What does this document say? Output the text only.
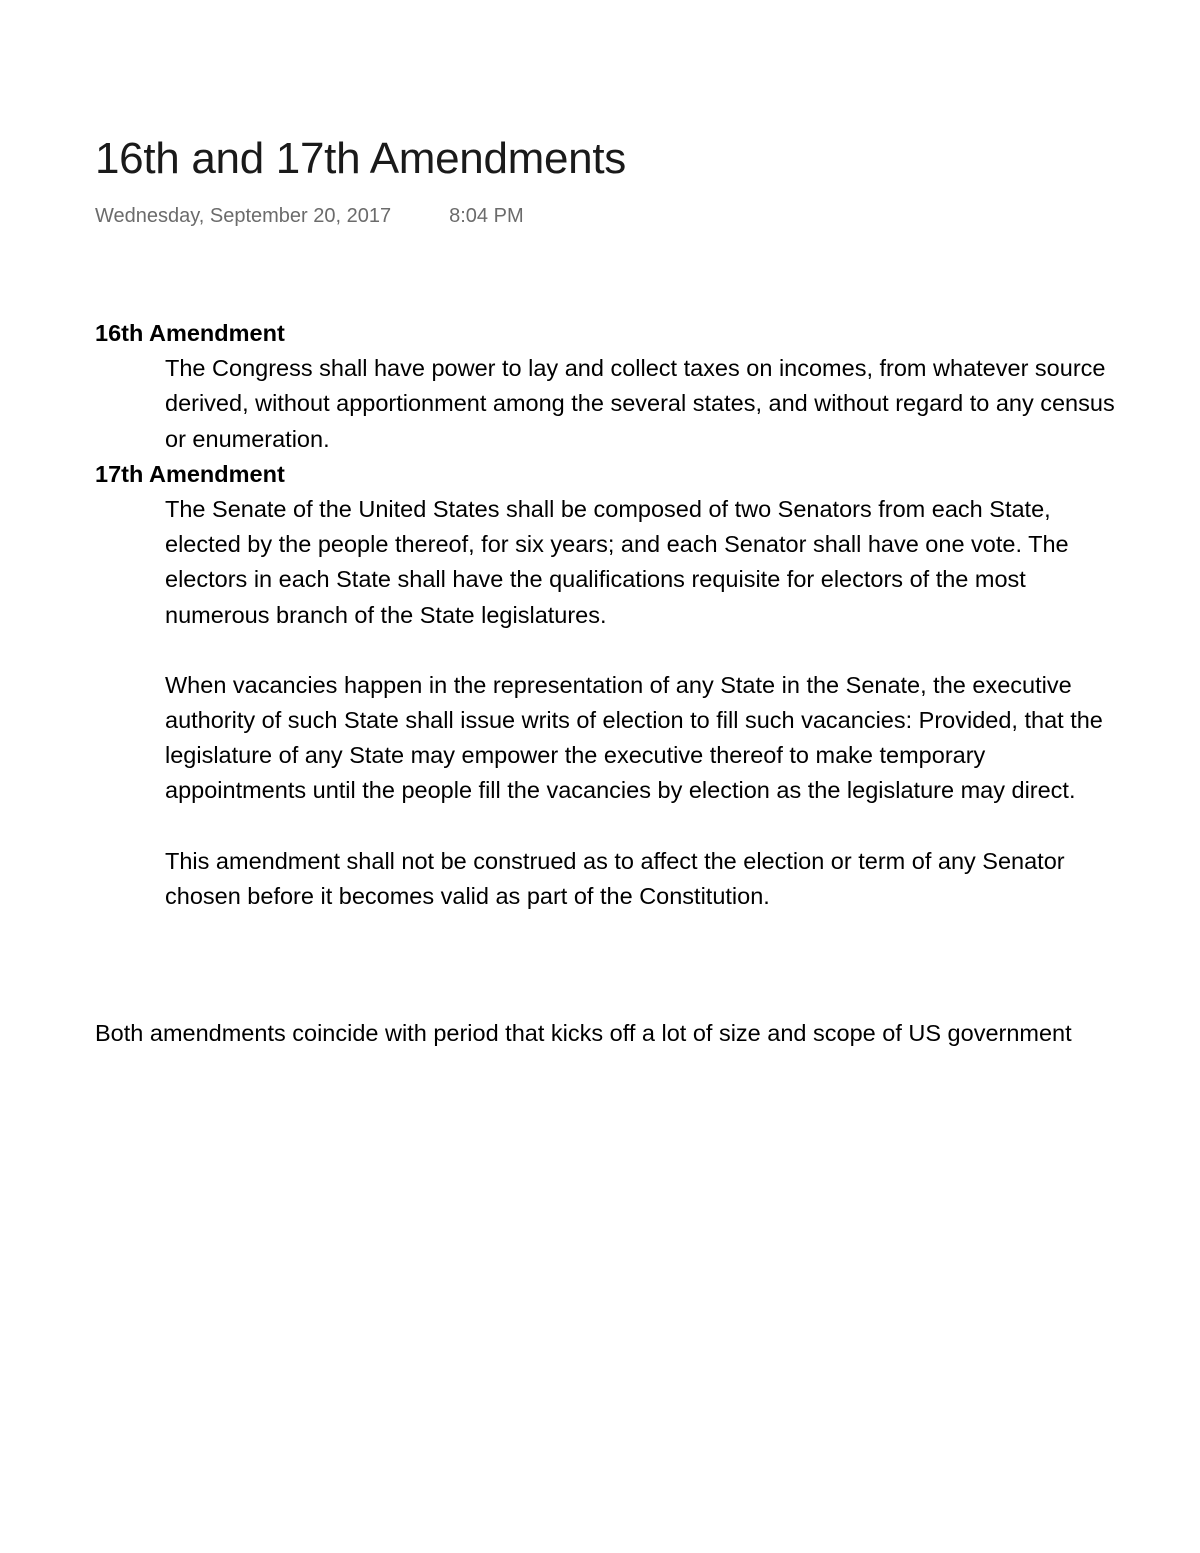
16th and 17th Amendments
Wednesday, September 20, 2017	8:04 PM

16th Amendment

The Congress shall have power to lay and collect taxes on incomes, from whatever source derived, without apportionment among the several states, and without regard to any census or enumeration.

17th Amendment

The Senate of the United States shall be composed of two Senators from each State, elected by the people thereof, for six years; and each Senator shall have one vote. The electors in each State shall have the qualifications requisite for electors of the most numerous branch of the State legislatures.

When vacancies happen in the representation of any State in the Senate, the executive authority of such State shall issue writs of election to fill such vacancies: Provided, that the legislature of any State may empower the executive thereof to make temporary appointments until the people fill the vacancies by election as the legislature may direct.

This amendment shall not be construed as to affect the election or term of any Senator chosen before it becomes valid as part of the Constitution.

Both amendments coincide with period that kicks off a lot of size and scope of US government
